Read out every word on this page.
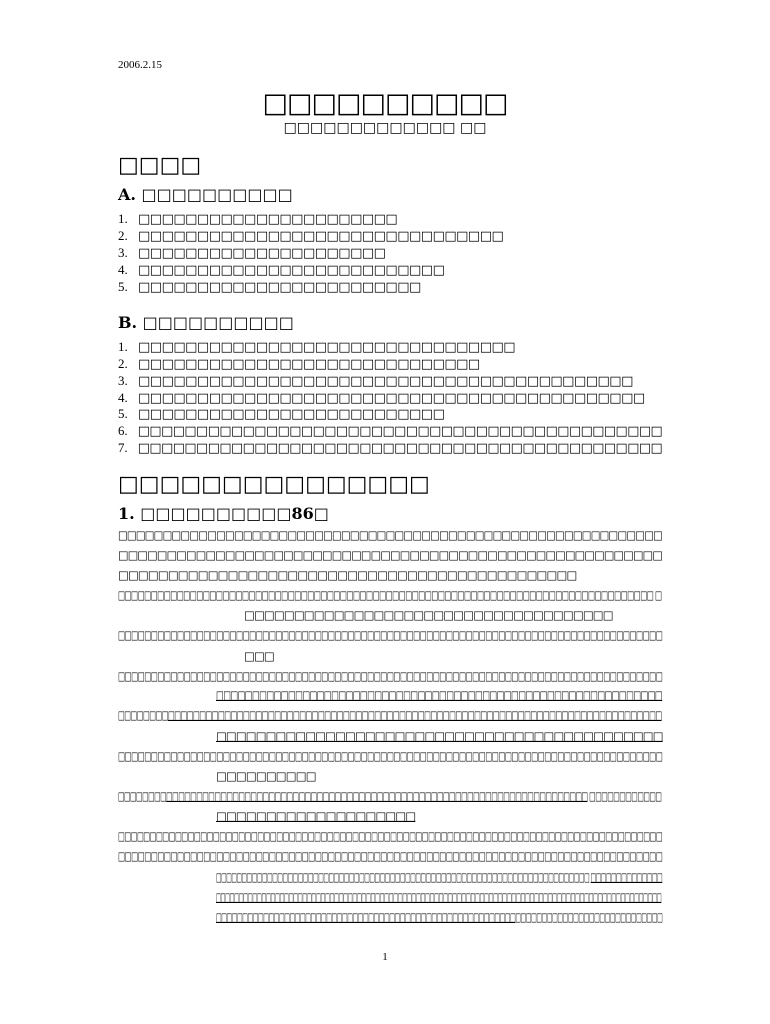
2006.2.15
□□□□□□□□□□
□□□□□□□□□□□□□ □□
□□□□
A. □□□□□□□□□□
1. □□□□□□□□□□□□□□□□□□□□□□
2. □□□□□□□□□□□□□□□□□□□□□□□□□□□□□□□
3. □□□□□□□□□□□□□□□□□□□□□
4. □□□□□□□□□□□□□□□□□□□□□□□□□□
5. □□□□□□□□□□□□□□□□□□□□□□□□
B. □□□□□□□□□□
1. □□□□□□□□□□□□□□□□□□□□□□□□□□□□□□□□
2. □□□□□□□□□□□□□□□□□□□□□□□□□□□□□
3. □□□□□□□□□□□□□□□□□□□□□□□□□□□□□□□□□□□□□□□□□□
4. □□□□□□□□□□□□□□□□□□□□□□□□□□□□□□□□□□□□□□□□□□□
5. □□□□□□□□□□□□□□□□□□□□□□□□□□
6. □□□□□□□□□□□□□□□□□□□□□□□□□□□□□□□□□□□□□□□□□□□□□
7. □□□□□□□□□□□□□□□□□□□□□□□□□□□□□□□□□□□□□□□□□□□□□
□□□□□□□□□□□□□□□
1. □□□□□□□□□□86□
□□□□□□□□□□□□□□□□□□□□□□□□□□□□□□□□□□□□□□□□□□□□□□□□□□□□□□□□□□□□□
□□□□□□□□□□□□□□□□□□□□□□□□□□□□□□□□□□□□□□□□□□□□□□□□□□□□□□□□
□□□□□□□□□□□□□□□□□□□□□□□□□□□□□□□□□□□□□□□□□□□□□□
□□□□□□□□□□□□□□□□□□□□□□□□□□□□□□□□□□□□□□□□□□□□□□□□□□□□□□□□□□□□□□□□□□□□□□□□□□□□□□□□□□ □
□□□□□□□□□□□□□□□□□□□□□□□□□□□□□□□□□□□□□
□□□□□□□□□□□□□□□□□□□□□□□□□□□□□□□□□□□□□□□□□□□□□□□□□□□□□□□□□□□□□□□□□□□□□□□□□□□□□□□□□□□
□□□
□□□□□□□□□□□□□□□□□□□□□□□□□□□□□□□□□□□□□□□□□□□□□□□□□□□□□□□□□□□□□□□□□□□□□□□□□□□□□□□□□□□
□□□□□□□□□□□□□□□□□□□□□□□□□□□□□□□□□□□□□□□□□□□□□□□□□□□□□□□□□□□□□□
□□□□□□□□□□□□□□□□□□□□□□□□□□□□□□□□□□□□□□□□□□□□□□□□□□□□□□□□□□□□□□□□□□□□□□□□□□□□□□□□□□□□□□□
□□□□□□□□□□□□□□□□□□□□□□□□□□□□□□□□□□□□□□□□□□□□□
□□□□□□□□□□□□□□□□□□□□□□□□□□□□□□□□□□□□□□□□□□□□□□□□□□□□□□□□□□□□□□□□□□□□□□□□□□□□□□□□□□□
□□□□□□□□□□
□□□□□□□□□□□□□□□□□□□□□□□□□□□□□□□□□□□□□□□□□□□□□□□□□□□□□□□□□□□□□□□□□□□□□□□□□□□□□□ □□□□□□□□□□□□
□□□□□□□□□□□□□□□□□□□□
□□□□□□□□□□□□□□□□□□□□□□□□□□□□□□□□□□□□□□□□□□□□□□□□□□□□□□□□□□□□□□□□□□□□□□□□□□□□□□□□□□□□□□
□□□□□□□□□□□□□□□□□□□□□□□□□□□□□□□□□□□□□□□□□□□□□□□□□□□□□□□□□□□□□□□□□□□□□□□□□□□□□□□□□□□
□□□□□□□□□□□□□□□□□□□□□□□□□□□□□□□□□□□□□□□□□□□□□□□□□□□□□□□□□□□□□□□□□□□□□□□□□ □□□□□□□□□□□□□□
□□□□□□□□□□□□□□□□□□□□□□□□□□□□□□□□□□□□□□□□□□□□□□□□□□□□□□□□□□□□□□□□□□□□□□□□□□□□□□□□□□□□□□□□□□□□□□□□□□
□□□□□□□□□□□□□□□□□□□□□□□□□□□□□□□□□□□□□□□□□□□□□□□□□□□□□□□□□□□□□□□□□□□□□□□□□□□□□□□□□□□□□
1
